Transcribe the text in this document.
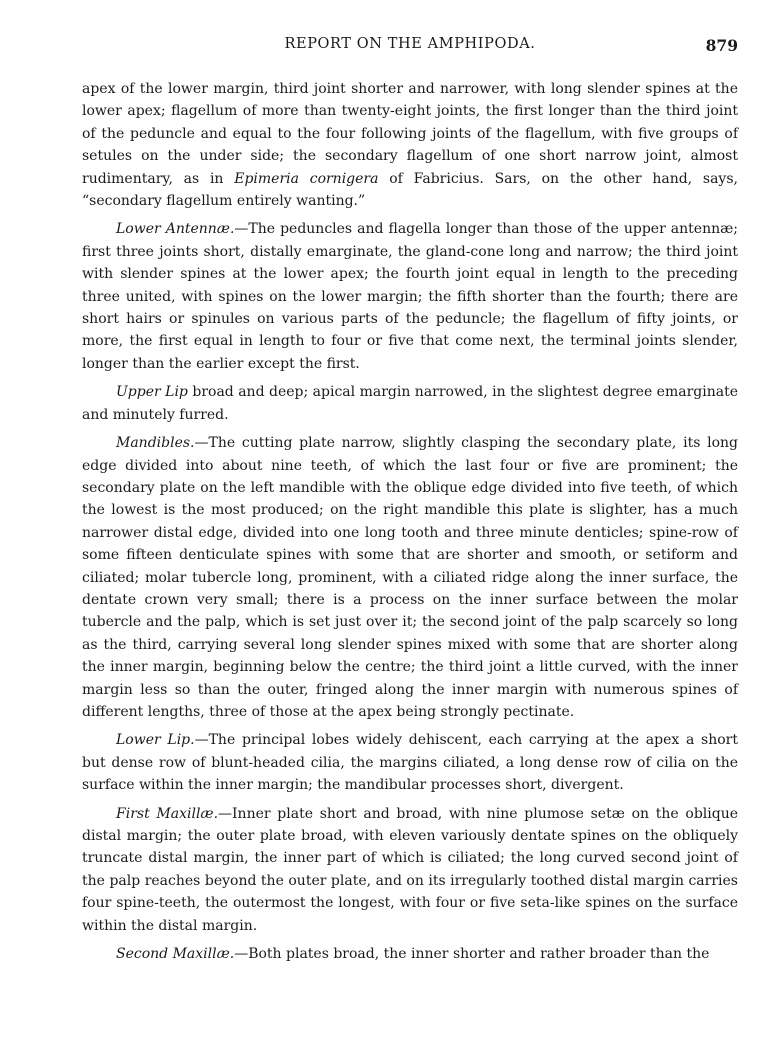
REPORT ON THE AMPHIPODA.	879

apex of the lower margin, third joint shorter and narrower, with long slender spines at the lower apex; flagellum of more than twenty-eight joints, the first longer than the third joint of the peduncle and equal to the four following joints of the flagellum, with five groups of setules on the under side; the secondary flagellum of one short narrow joint, almost rudimentary, as in Epimeria cornigera of Fabricius. Sars, on the other hand, says, “secondary flagellum entirely wanting.”

Lower Antennæ.—The peduncles and flagella longer than those of the upper antennæ; first three joints short, distally emarginate, the gland-cone long and narrow; the third joint with slender spines at the lower apex; the fourth joint equal in length to the preceding three united, with spines on the lower margin; the fifth shorter than the fourth; there are short hairs or spinules on various parts of the peduncle; the flagellum of fifty joints, or more, the first equal in length to four or five that come next, the terminal joints slender, longer than the earlier except the first.

Upper Lip broad and deep; apical margin narrowed, in the slightest degree emarginate and minutely furred.

Mandibles.—The cutting plate narrow, slightly clasping the secondary plate, its long edge divided into about nine teeth, of which the last four or five are prominent; the secondary plate on the left mandible with the oblique edge divided into five teeth, of which the lowest is the most produced; on the right mandible this plate is slighter, has a much narrower distal edge, divided into one long tooth and three minute denticles; spine-row of some fifteen denticulate spines with some that are shorter and smooth, or setiform and ciliated; molar tubercle long, prominent, with a ciliated ridge along the inner surface, the dentate crown very small; there is a process on the inner surface between the molar tubercle and the palp, which is set just over it; the second joint of the palp scarcely so long as the third, carrying several long slender spines mixed with some that are shorter along the inner margin, beginning below the centre; the third joint a little curved, with the inner margin less so than the outer, fringed along the inner margin with numerous spines of different lengths, three of those at the apex being strongly pectinate.

Lower Lip.—The principal lobes widely dehiscent, each carrying at the apex a short but dense row of blunt-headed cilia, the margins ciliated, a long dense row of cilia on the surface within the inner margin; the mandibular processes short, divergent.

First Maxillæ.—Inner plate short and broad, with nine plumose setæ on the oblique distal margin; the outer plate broad, with eleven variously dentate spines on the obliquely truncate distal margin, the inner part of which is ciliated; the long curved second joint of the palp reaches beyond the outer plate, and on its irregularly toothed distal margin carries four spine-teeth, the outermost the longest, with four or five seta-like spines on the surface within the distal margin.

Second Maxillæ.—Both plates broad, the inner shorter and rather broader than the
